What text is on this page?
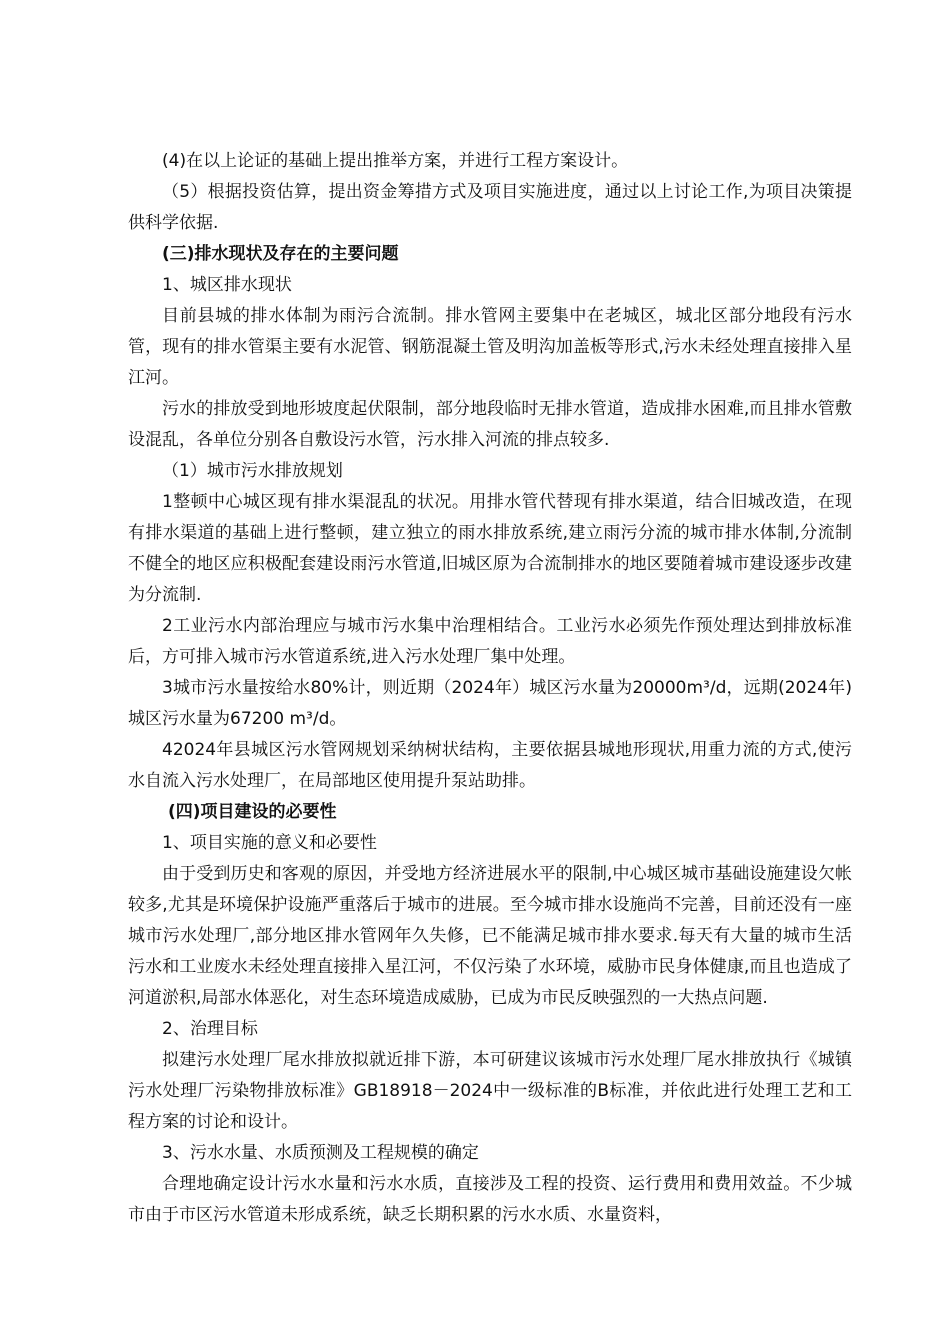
(4)在以上论证的基础上提出推举方案，并进行工程方案设计。

（5）根据投资估算，提出资金筹措方式及项目实施进度，通过以上讨论工作,为项目决策提供科学依据.

(三)排水现状及存在的主要问题

1、城区排水现状

目前县城的排水体制为雨污合流制。排水管网主要集中在老城区，城北区部分地段有污水管，现有的排水管渠主要有水泥管、钢筋混凝土管及明沟加盖板等形式,污水未经处理直接排入星江河。

污水的排放受到地形坡度起伏限制，部分地段临时无排水管道，造成排水困难,而且排水管敷设混乱，各单位分别各自敷设污水管，污水排入河流的排点较多.

（1）城市污水排放规划

1整顿中心城区现有排水渠混乱的状况。用排水管代替现有排水渠道，结合旧城改造，在现有排水渠道的基础上进行整顿，建立独立的雨水排放系统,建立雨污分流的城市排水体制,分流制不健全的地区应积极配套建设雨污水管道,旧城区原为合流制排水的地区要随着城市建设逐步改建为分流制.

2工业污水内部治理应与城市污水集中治理相结合。工业污水必须先作预处理达到排放标准后，方可排入城市污水管道系统,进入污水处理厂集中处理。

3城市污水量按给水80%计，则近期（2024年）城区污水量为20000m³/d，远期(2024年)城区污水量为67200 m³/d。

42024年县城区污水管网规划采纳树状结构，主要依据县城地形现状,用重力流的方式,使污水自流入污水处理厂，在局部地区使用提升泵站助排。

(四)项目建设的必要性

1、项目实施的意义和必要性

由于受到历史和客观的原因，并受地方经济进展水平的限制,中心城区城市基础设施建设欠帐较多,尤其是环境保护设施严重落后于城市的进展。至今城市排水设施尚不完善，目前还没有一座城市污水处理厂,部分地区排水管网年久失修，已不能满足城市排水要求.每天有大量的城市生活污水和工业废水未经处理直接排入星江河，不仅污染了水环境，威胁市民身体健康,而且也造成了河道淤积,局部水体恶化，对生态环境造成威胁，已成为市民反映强烈的一大热点问题.

2、治理目标

拟建污水处理厂尾水排放拟就近排下游，本可研建议该城市污水处理厂尾水排放执行《城镇污水处理厂污染物排放标准》GB18918－2024中一级标准的B标准，并依此进行处理工艺和工程方案的讨论和设计。

3、污水水量、水质预测及工程规模的确定

合理地确定设计污水水量和污水水质，直接涉及工程的投资、运行费用和费用效益。不少城市由于市区污水管道未形成系统，缺乏长期积累的污水水质、水量资料，
